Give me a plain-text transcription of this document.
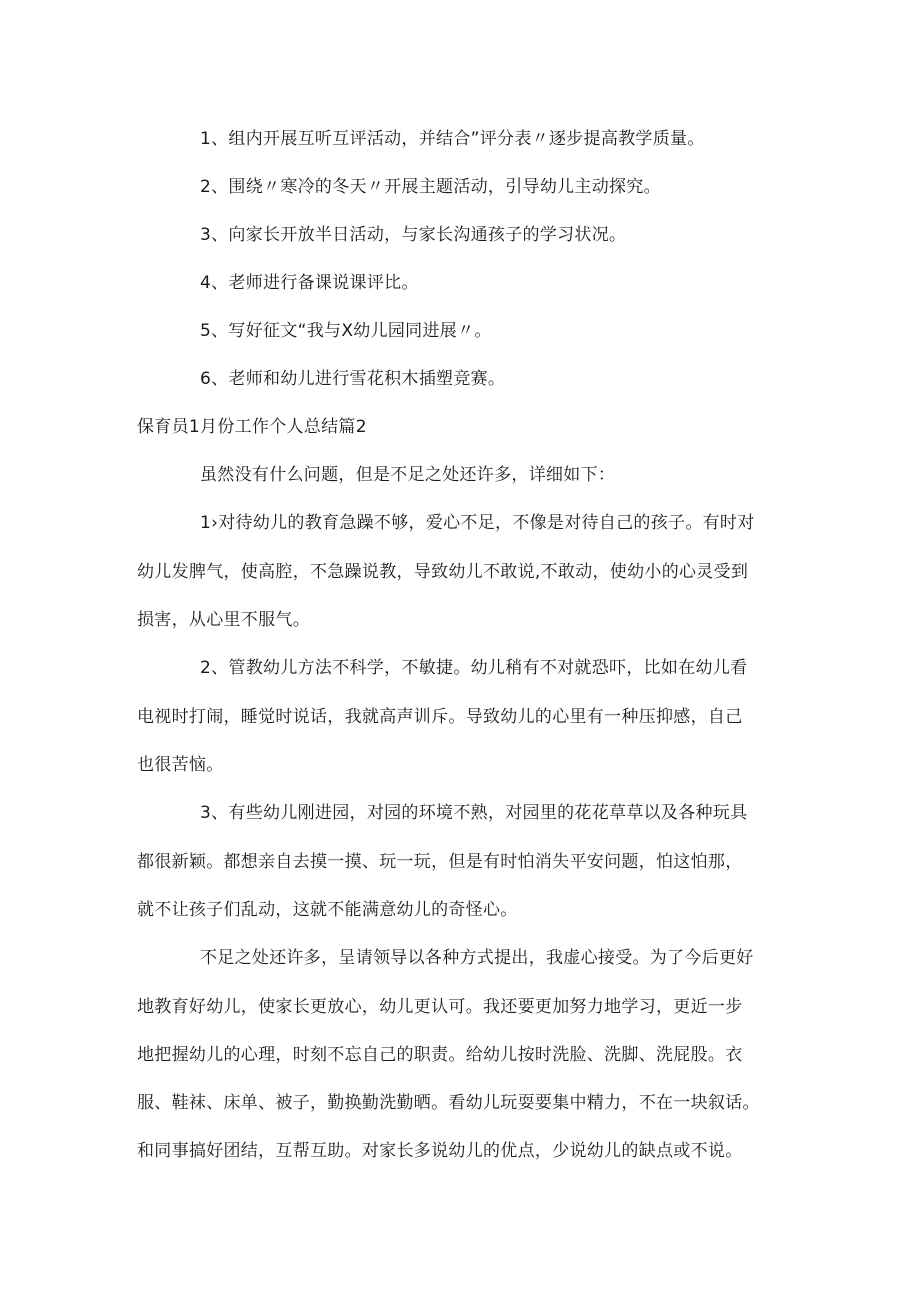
1、组内开展互听互评活动，并结合”评分表〃逐步提高教学质量。
2、围绕〃寒冷的冬天〃开展主题活动，引导幼儿主动探究。
3、向家长开放半日活动，与家长沟通孩子的学习状况。
4、老师进行备课说课评比。
5、写好征文“我与X幼儿园同进展〃。
6、老师和幼儿进行雪花积木插塑竞赛。
保育员1月份工作个人总结篇2
虽然没有什么问题，但是不足之处还许多，详细如下：
1›对待幼儿的教育急躁不够，爱心不足，不像是对待自己的孩子。有时对
幼儿发脾气，使高腔，不急躁说教，导致幼儿不敢说,不敢动，使幼小的心灵受到
损害，从心里不服气。
2、管教幼儿方法不科学，不敏捷。幼儿稍有不对就恐吓，比如在幼儿看
电视时打闹，睡觉时说话，我就高声训斥。导致幼儿的心里有一种压抑感，自己
也很苦恼。
3、有些幼儿刚进园，对园的环境不熟，对园里的花花草草以及各种玩具
都很新颖。都想亲自去摸一摸、玩一玩，但是有时怕消失平安问题，怕这怕那，
就不让孩子们乱动，这就不能满意幼儿的奇怪心。
不足之处还许多，呈请领导以各种方式提出，我虚心接受。为了今后更好
地教育好幼儿，使家长更放心，幼儿更认可。我还要更加努力地学习，更近一步
地把握幼儿的心理，时刻不忘自己的职责。给幼儿按时洗脸、洗脚、洗屁股。衣
服、鞋袜、床单、被子，勤换勤洗勤晒。看幼儿玩耍要集中精力，不在一块叙话。
和同事搞好团结，互帮互助。对家长多说幼儿的优点，少说幼儿的缺点或不说。
